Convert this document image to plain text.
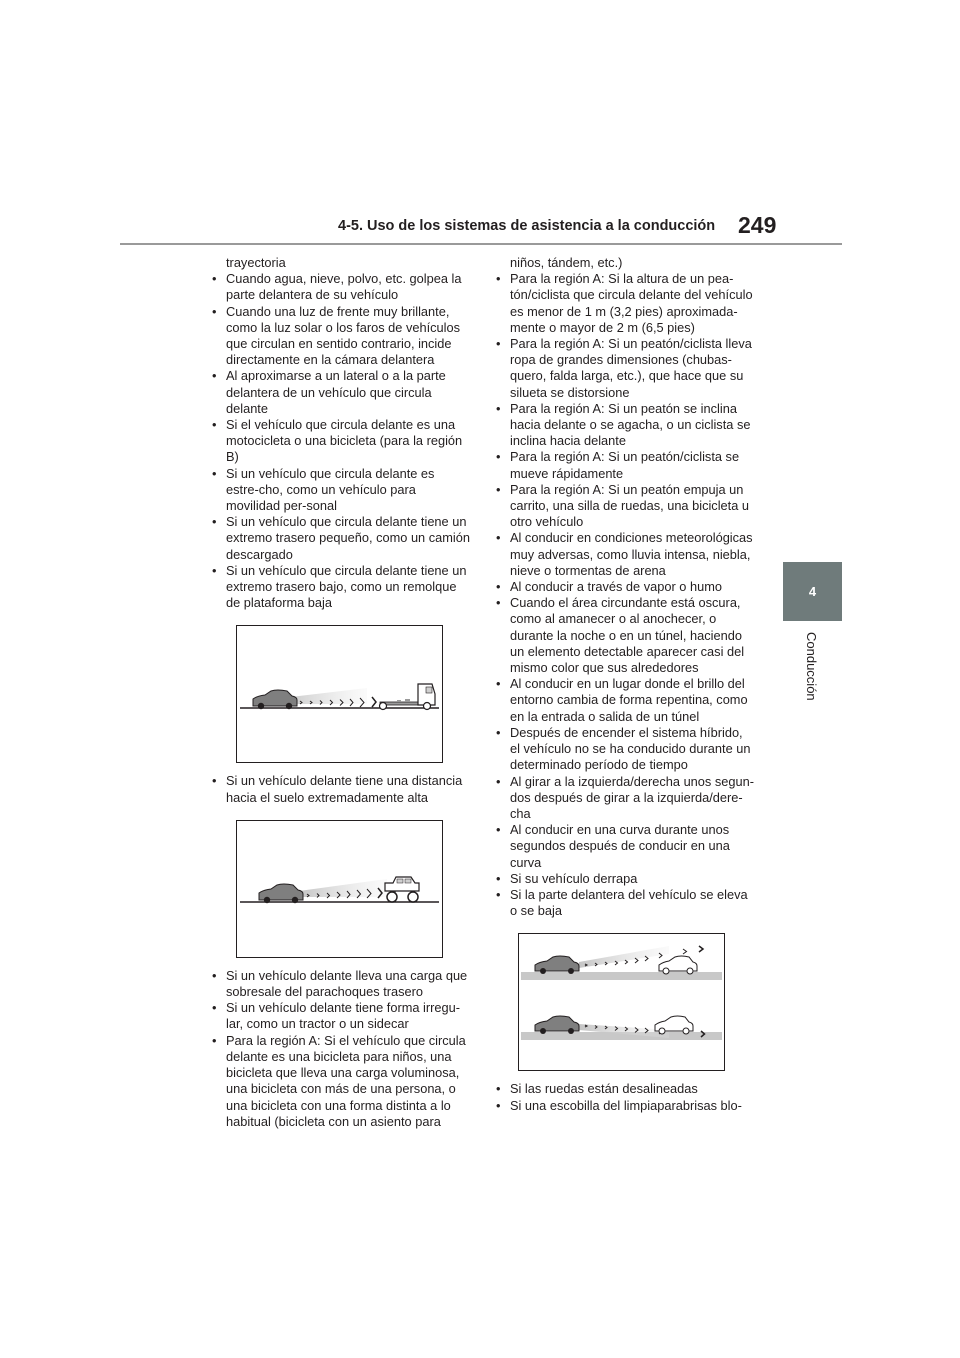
4-5. Uso de los sistemas de asistencia a la conducción 249
4
Conducción
trayectoria
• Cuando agua, nieve, polvo, etc. golpea la parte delantera de su vehículo
• Cuando una luz de frente muy brillante, como la luz solar o los faros de vehículos que circulan en sentido contrario, incide directamente en la cámara delantera
• Al aproximarse a un lateral o a la parte delantera de un vehículo que circula delante
• Si el vehículo que circula delante es una motocicleta o una bicicleta (para la región B)
• Si un vehículo que circula delante es estre-cho, como un vehículo para movilidad per-sonal
• Si un vehículo que circula delante tiene un extremo trasero pequeño, como un camión descargado
• Si un vehículo que circula delante tiene un extremo trasero bajo, como un remolque de plataforma baja
• Si un vehículo delante tiene una distancia hacia el suelo extremadamente alta
• Si un vehículo delante lleva una carga que sobresale del parachoques trasero
• Si un vehículo delante tiene forma irregu-lar, como un tractor o un sidecar
• Para la región A: Si el vehículo que circula delante es una bicicleta para niños, una bicicleta que lleva una carga voluminosa, una bicicleta con más de una persona, o una bicicleta con una forma distinta a lo habitual (bicicleta con un asiento para
niños, tándem, etc.)
• Para la región A: Si la altura de un pea-tón/ciclista que circula delante del vehículo es menor de 1 m (3,2 pies) aproximada-mente o mayor de 2 m (6,5 pies)
• Para la región A: Si un peatón/ciclista lleva ropa de grandes dimensiones (chubas-quero, falda larga, etc.), que hace que su silueta se distorsione
• Para la región A: Si un peatón se inclina hacia delante o se agacha, o un ciclista se inclina hacia delante
• Para la región A: Si un peatón/ciclista se mueve rápidamente
• Para la región A: Si un peatón empuja un carrito, una silla de ruedas, una bicicleta u otro vehículo
• Al conducir en condiciones meteorológicas muy adversas, como lluvia intensa, niebla, nieve o tormentas de arena
• Al conducir a través de vapor o humo
• Cuando el área circundante está oscura, como al amanecer o al anochecer, o durante la noche o en un túnel, haciendo un elemento detectable aparecer casi del mismo color que sus alrededores
• Al conducir en un lugar donde el brillo del entorno cambia de forma repentina, como en la entrada o salida de un túnel
• Después de encender el sistema híbrido, el vehículo no se ha conducido durante un determinado período de tiempo
• Al girar a la izquierda/derecha unos segun-dos después de girar a la izquierda/dere-cha
• Al conducir en una curva durante unos segundos después de conducir en una curva
• Si su vehículo derrapa
• Si la parte delantera del vehículo se eleva o se baja
• Si las ruedas están desalineadas
• Si una escobilla del limpiaparabrisas blo-
